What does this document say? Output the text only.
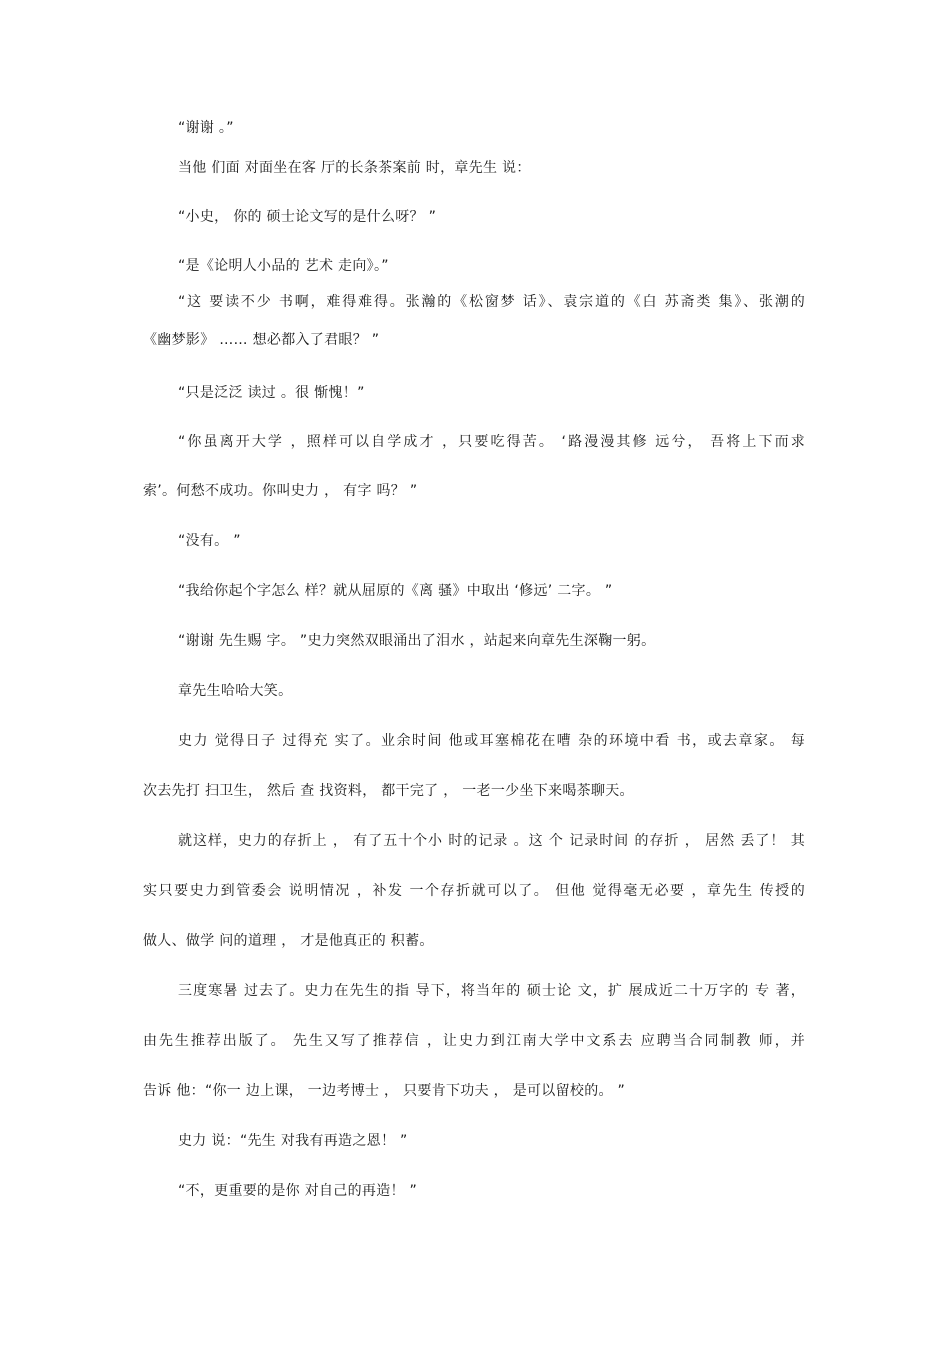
“谢谢 。”

当他 们面 对面坐在客 厅的长条茶案前 时，章先生 说：

“小史， 你的 硕士论文写的是什么呀？ ”

“是《论明人小品的 艺术 走向》。”

“这 要读不少 书啊，难得难得。张瀚的《松窗梦 话》、袁宗道的《白 苏斋类 集》、张潮的

《幽梦影》 …… 想必都入了君眼？ ”

“只是泛泛 读过 。很 惭愧！”

“你虽离开大学 ，照样可以自学成才 ，只要吃得苦。 ‘路漫漫其修 远兮， 吾将上下而求

索’。何愁不成功。你叫史力 ， 有字 吗？ ”

“没有。 ”

“我给你起个字怎么 样？就从屈原的《离 骚》中取出 ‘修远’ 二字。 ”

“谢谢 先生赐 字。 ”史力突然双眼涌出了泪水 ，站起来向章先生深鞠一躬。

章先生哈哈大笑。

史力 觉得日子 过得充 实了。业余时间 他或耳塞棉花在嘈 杂的环境中看 书，或去章家。 每

次去先打 扫卫生， 然后 查 找资料， 都干完了 ， 一老一少坐下来喝茶聊天。

就这样，史力的存折上 ， 有了五十个小 时的记录 。这 个 记录时间 的存折 ， 居然 丢了！ 其

实只要史力到管委会 说明情况 ，补发 一个存折就可以了。 但他 觉得毫无必要 ，章先生 传授的

做人、做学 问的道理 ， 才是他真正的 积蓄。

三度寒暑 过去了。史力在先生的指 导下，将当年的 硕士论 文，扩 展成近二十万字的 专 著，

由先生推荐出版了。 先生又写了推荐信 ，让史力到江南大学中文系去 应聘当合同制教 师，并

告诉 他：“你一 边上课， 一边考博士 ， 只要肯下功夫 ， 是可以留校的。 ”

史力 说：“先生 对我有再造之恩！ ”

“不，更重要的是你 对自己的再造！ ”
